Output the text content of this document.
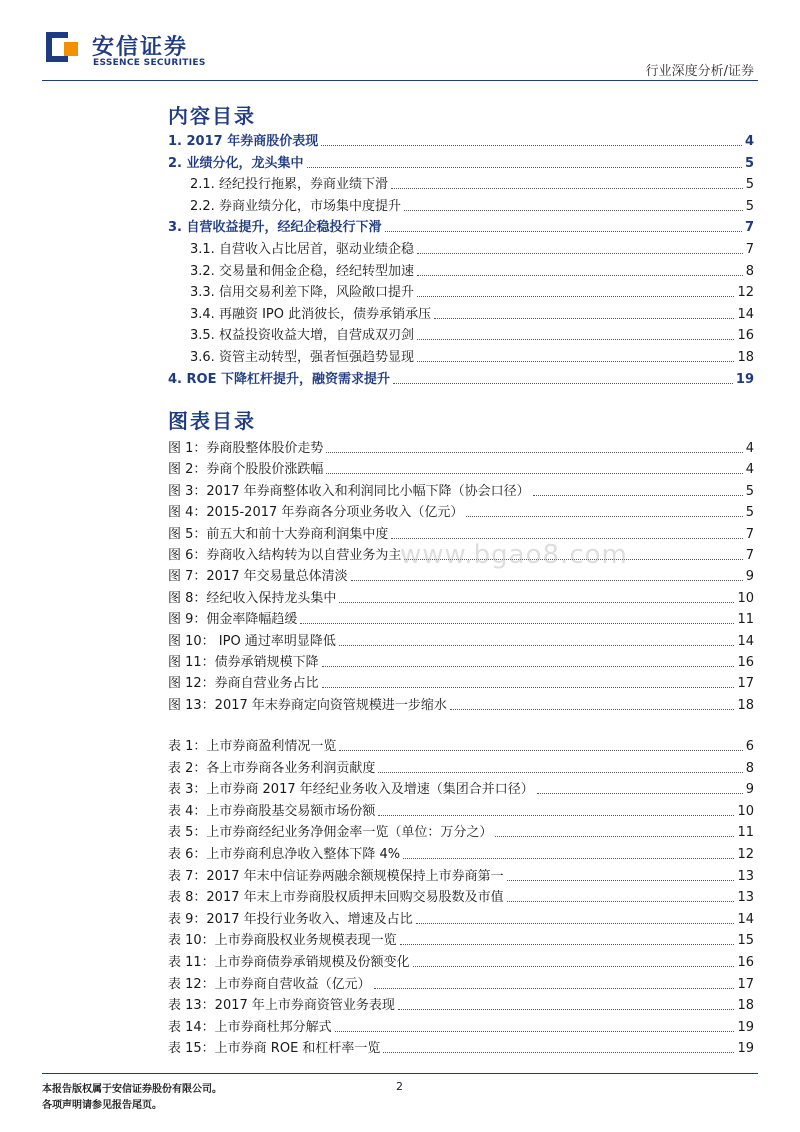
安信证券
ESSENCE SECURITIES
行业深度分析/证券
内容目录
1. 2017 年券商股价表现	4
2. 业绩分化，龙头集中	5
2.1. 经纪投行拖累，券商业绩下滑	5
2.2. 券商业绩分化，市场集中度提升	5
3. 自营收益提升，经纪企稳投行下滑	7
3.1. 自营收入占比居首，驱动业绩企稳	7
3.2. 交易量和佣金企稳，经纪转型加速	8
3.3. 信用交易利差下降，风险敞口提升	12
3.4. 再融资 IPO 此消彼长，债券承销承压	14
3.5. 权益投资收益大增，自营成双刃剑	16
3.6. 资管主动转型，强者恒强趋势显现	18
4. ROE 下降杠杆提升，融资需求提升	19
图表目录
图 1：券商股整体股价走势	4
图 2：券商个股股价涨跌幅	4
图 3：2017 年券商整体收入和利润同比小幅下降（协会口径）	5
图 4：2015-2017 年券商各分项业务收入（亿元）	5
图 5：前五大和前十大券商利润集中度	7
图 6：券商收入结构转为以自营业务为主	7
图 7：2017 年交易量总体清淡	9
图 8：经纪收入保持龙头集中	10
图 9：佣金率降幅趋缓	11
图 10： IPO 通过率明显降低	14
图 11：债券承销规模下降	16
图 12：券商自营业务占比	17
图 13：2017 年末券商定向资管规模进一步缩水	18
表 1：上市券商盈利情况一览	6
表 2：各上市券商各业务利润贡献度	8
表 3：上市券商 2017 年经纪业务收入及增速（集团合并口径）	9
表 4：上市券商股基交易额市场份额	10
表 5：上市券商经纪业务净佣金率一览（单位：万分之）	11
表 6：上市券商利息净收入整体下降 4%	12
表 7：2017 年末中信证券两融余额规模保持上市券商第一	13
表 8：2017 年末上市券商股权质押未回购交易股数及市值	13
表 9：2017 年投行业务收入、增速及占比	14
表 10：上市券商股权业务规模表现一览	15
表 11：上市券商债券承销规模及份额变化	16
表 12：上市券商自营收益（亿元）	17
表 13：2017 年上市券商资管业务表现	18
表 14：上市券商杜邦分解式	19
表 15：上市券商 ROE 和杠杆率一览	19
www.bgao8.com
本报告版权属于安信证券股份有限公司。
各项声明请参见报告尾页。
2
